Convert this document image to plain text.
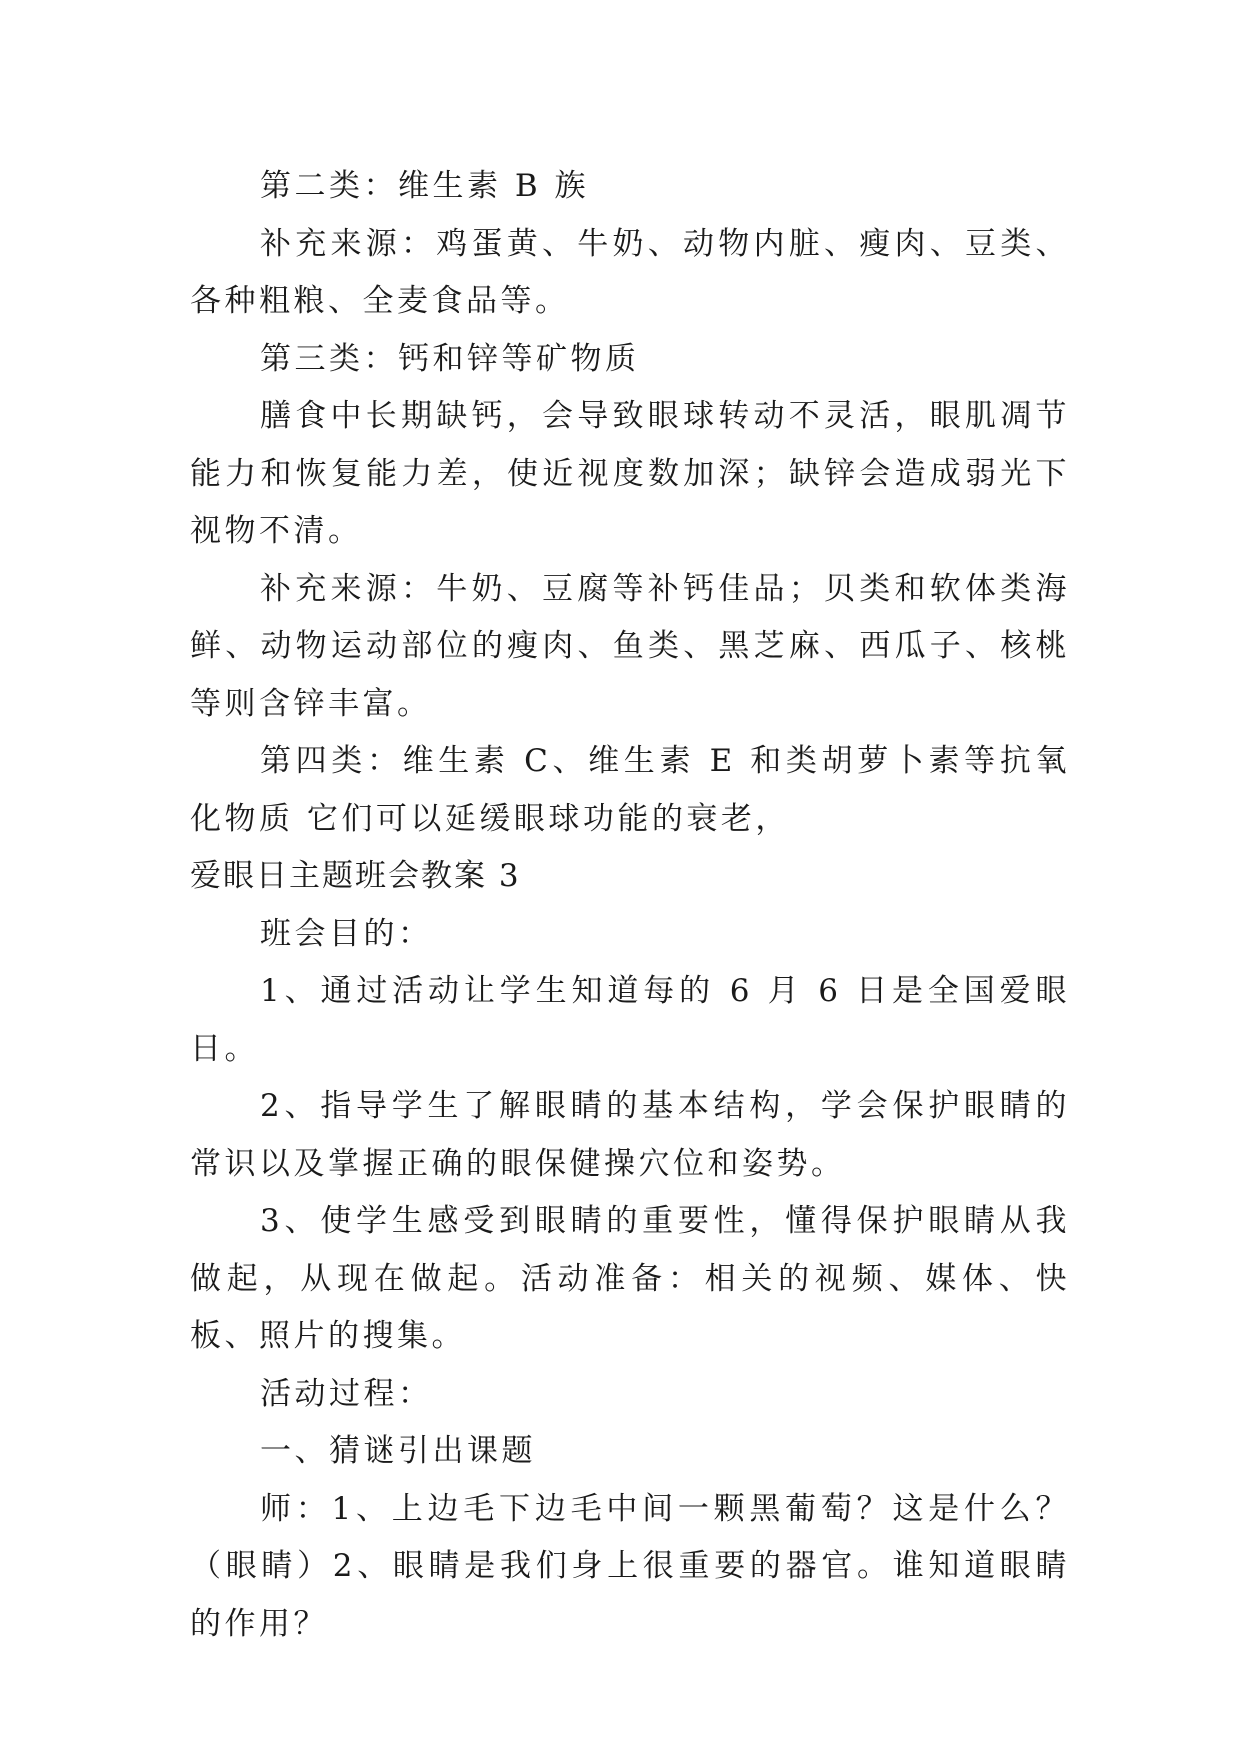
第二类：维生素 B 族

补充来源：鸡蛋黄、牛奶、动物内脏、瘦肉、豆类、各种粗粮、全麦食品等。

第三类：钙和锌等矿物质

膳食中长期缺钙，会导致眼球转动不灵活，眼肌凋节能力和恢复能力差，使近视度数加深；缺锌会造成弱光下视物不清。

补充来源：牛奶、豆腐等补钙佳品；贝类和软体类海鲜、动物运动部位的瘦肉、鱼类、黑芝麻、西瓜子、核桃等则含锌丰富。

第四类：维生素 C、维生素 E 和类胡萝卜素等抗氧化物质 它们可以延缓眼球功能的衰老，

爱眼日主题班会教案 3

班会目的：

1、通过活动让学生知道每的 6 月 6 日是全国爱眼日。

2、指导学生了解眼睛的基本结构，学会保护眼睛的常识以及掌握正确的眼保健操穴位和姿势。

3、使学生感受到眼睛的重要性，懂得保护眼睛从我做起，从现在做起。活动准备：相关的视频、媒体、快板、照片的搜集。

活动过程：

一、猜谜引出课题

师：1、上边毛下边毛中间一颗黑葡萄？这是什么？（眼睛）2、眼睛是我们身上很重要的器官。谁知道眼睛的作用？
